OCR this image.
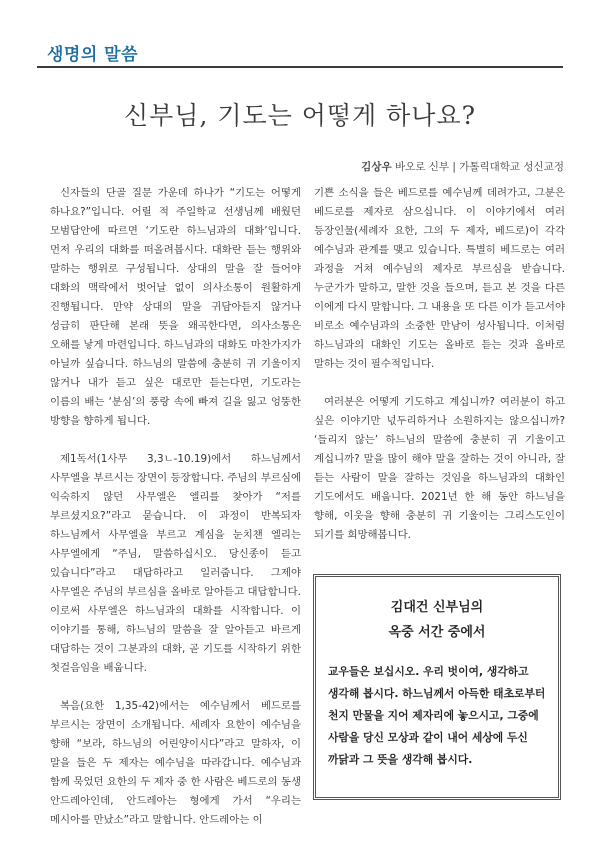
생명의 말씀
신부님, 기도는 어떻게 하나요?
김상우 바오로 신부 | 가톨릭대학교 성신교정

신자들의 단골 질문 가운데 하나가 “기도는 어떻게 하나요?”입니다. 어릴 적 주일학교 선생님께 배웠던 모범답안에 따르면 ‘기도란 하느님과의 대화’입니다. 먼저 우리의 대화를 떠올려봅시다. 대화란 듣는 행위와 말하는 행위로 구성됩니다. 상대의 말을 잘 들어야 대화의 맥락에서 벗어날 없이 의사소통이 원활하게 진행됩니다. 만약 상대의 말을 귀담아듣지 않거나 성급히 판단해 본래 뜻을 왜곡한다면, 의사소통은 오해를 낳게 마련입니다. 하느님과의 대화도 마찬가지가 아닐까 싶습니다. 하느님의 말씀에 충분히 귀 기울이지 않거나 내가 듣고 싶은 대로만 듣는다면, 기도라는 이름의 배는 ‘분심’의 풍랑 속에 빠져 길을 잃고 엉뚱한 방향을 향하게 됩니다.

제1독서(1사무 3,3ㄴ-10.19)에서 하느님께서 사무엘을 부르시는 장면이 등장합니다. 주님의 부르심에 익숙하지 않던 사무엘은 엘리를 찾아가 “저를 부르셨지요?”라고 묻습니다. 이 과정이 반복되자 하느님께서 사무엘을 부르고 계심을 눈치챈 엘리는 사무엘에게 “주님, 말씀하십시오. 당신종이 듣고 있습니다”라고 대답하라고 일러줍니다. 그제야 사무엘은 주님의 부르심을 올바로 알아듣고 대답합니다. 이로써 사무엘은 하느님과의 대화를 시작합니다. 이 이야기를 통해, 하느님의 말씀을 잘 알아듣고 바르게 대답하는 것이 그분과의 대화, 곧 기도를 시작하기 위한 첫걸음임을 배웁니다.

복음(요한 1,35-42)에서는 예수님께서 베드로를 부르시는 장면이 소개됩니다. 세례자 요한이 예수님을 향해 “보라, 하느님의 어린양이시다”라고 말하자, 이 말을 들은 두 제자는 예수님을 따라갑니다. 예수님과 함께 묵었던 요한의 두 제자 중 한 사람은 베드로의 동생 안드레아인데, 안드레아는 형에게 가서 “우리는 메시아를 만났소”라고 말합니다. 안드레아는 이

기쁜 소식을 들은 베드로를 예수님께 데려가고, 그분은 베드로를 제자로 삼으십니다. 이 이야기에서 여러 등장인물(세례자 요한, 그의 두 제자, 베드로)이 각각 예수님과 관계를 맺고 있습니다. 특별히 베드로는 여러 과정을 거쳐 예수님의 제자로 부르심을 받습니다. 누군가가 말하고, 말한 것을 들으며, 듣고 본 것을 다른 이에게 다시 말합니다. 그 내용을 또 다른 이가 듣고서야 비로소 예수님과의 소중한 만남이 성사됩니다. 이처럼 하느님과의 대화인 기도는 올바로 듣는 것과 올바로 말하는 것이 필수적입니다.

여러분은 어떻게 기도하고 계십니까? 여러분이 하고 싶은 이야기만 넋두리하거나 소원하지는 않으십니까? ‘들리지 않는’ 하느님의 말씀에 충분히 귀 기울이고 계십니까? 말을 많이 해야 말을 잘하는 것이 아니라, 잘 듣는 사람이 말을 잘하는 것임을 하느님과의 대화인 기도에서도 배웁니다. 2021년 한 해 동안 하느님을 향해, 이웃을 향해 충분히 귀 기울이는 그리스도인이 되기를 희망해봅니다.

김대건 신부님의
옥중 서간 중에서
교우들은 보십시오. 우리 벗이여, 생각하고 생각해 봅시다. 하느님께서 아득한 태초로부터 천지 만물을 지어 제자리에 놓으시고, 그중에 사람을 당신 모상과 같이 내어 세상에 두신 까닭과 그 뜻을 생각해 봅시다.
